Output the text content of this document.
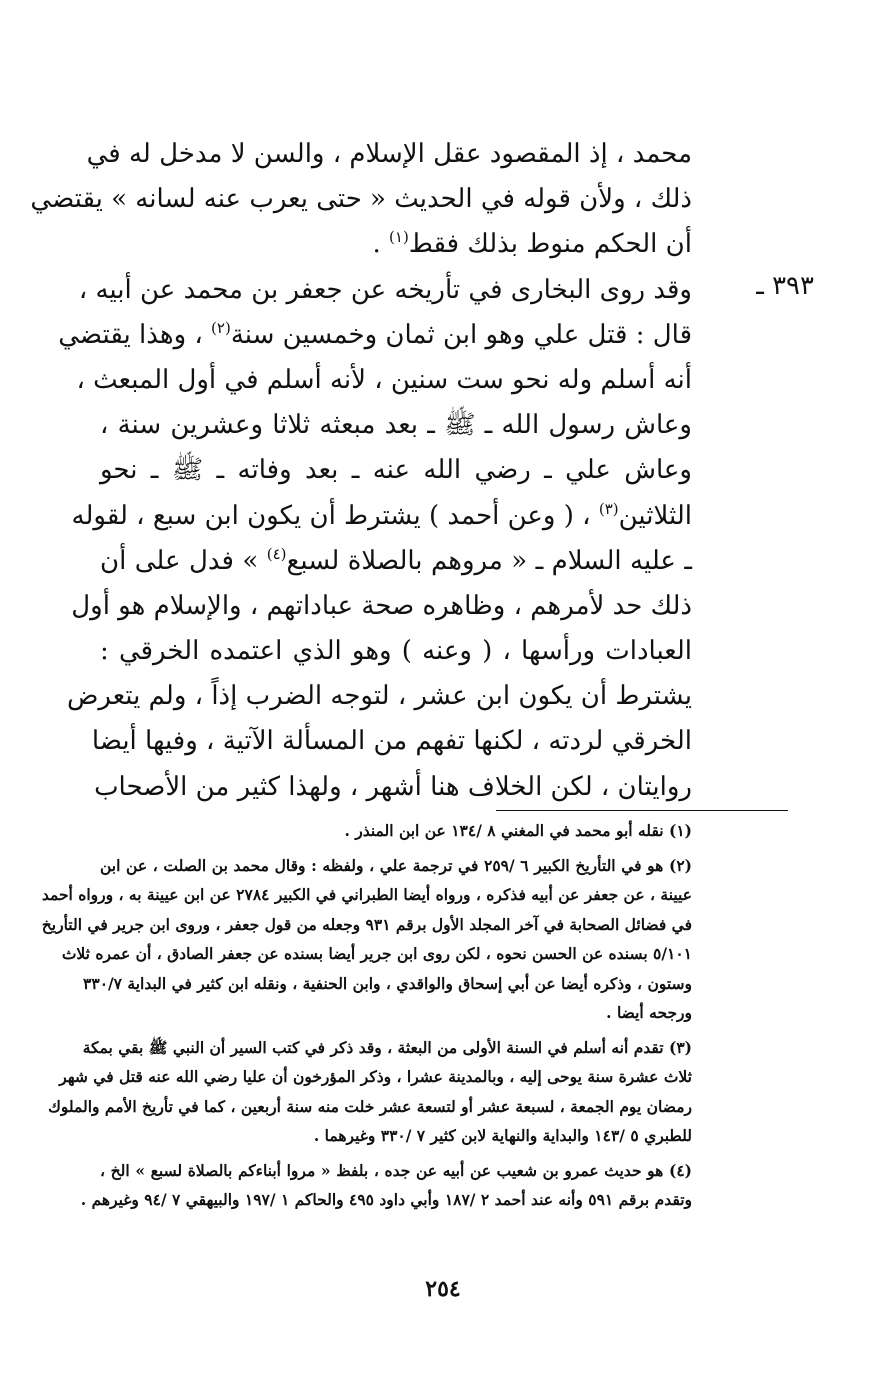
٣٩٣ ـ
محمد ، إذ المقصود عقل الإسلام ، والسن لا مدخل له في
ذلك ، ولأن قوله في الحديث « حتى يعرب عنه لسانه » يقتضي
أن الحكم منوط بذلك فقط$^{(١)}$ .
وقد روى البخارى في تأريخه عن جعفر بن محمد عن أبيه ،
قال : قتل علي وهو ابن ثمان وخمسين سنة$^{(٢)}$ ، وهذا يقتضي
أنه أسلم وله نحو ست سنين ، لأنه أسلم في أول المبعث ،
وعاش رسول الله ـ ﷺ ـ بعد مبعثه ثلاثا وعشرين سنة ،
وعاش علي ـ رضي الله عنه ـ بعد وفاته ـ ﷺ ـ نحو
الثلاثين$^{(٣)}$ ، ( وعن أحمد ) يشترط أن يكون ابن سبع ، لقوله
ـ عليه السلام ـ « مروهم بالصلاة لسبع$^{(٤)}$ » فدل على أن
ذلك حد لأمرهم ، وظاهره صحة عباداتهم ، والإسلام هو أول
العبادات ورأسها ، ( وعنه ) وهو الذي اعتمده الخرقي :
يشترط أن يكون ابن عشر ، لتوجه الضرب إذاً ، ولم يتعرض
الخرقي لردته ، لكنها تفهم من المسألة الآتية ، وفيها أيضا
روايتان ، لكن الخلاف هنا أشهر ، ولهذا كثير من الأصحاب
(١) نقله أبو محمد في المغني ٨ /١٣٤ عن ابن المنذر .
(٢) هو في التأريخ الكبير ٦ /٢٥٩ في ترجمة علي ، ولفظه : وقال محمد بن الصلت ، عن ابن
عيينة ، عن جعفر عن أبيه فذكره ، ورواه أيضا الطبراني في الكبير ٢٧٨٤ عن ابن عيينة به ، ورواه أحمد
في فضائل الصحابة في آخر المجلد الأول برقم ٩٣١ وجعله من قول جعفر ، وروى ابن جرير في التأريخ
٥/١٠١ بسنده عن الحسن نحوه ، لكن روى ابن جرير أيضا بسنده عن جعفر الصادق ، أن عمره ثلاث
وستون ، وذكره أيضا عن أبي إسحاق والواقدي ، وابن الحنفية ، ونقله ابن كثير في البداية ٣٣٠/٧
ورجحه أيضا .
(٣) تقدم أنه أسلم في السنة الأولى من البعثة ، وقد ذكر في كتب السير أن النبي ﷺ بقي بمكة
ثلاث عشرة سنة يوحى إليه ، وبالمدينة عشرا ، وذكر المؤرخون أن عليا رضي الله عنه قتل في شهر
رمضان يوم الجمعة ، لسبعة عشر أو لتسعة عشر خلت منه سنة أربعين ، كما في تأريخ الأمم والملوك
للطبري ٥ /١٤٣ والبداية والنهاية لابن كثير ٧ /٣٣٠ وغيرهما .
(٤) هو حديث عمرو بن شعيب عن أبيه عن جده ، بلفظ « مروا أبناءكم بالصلاة لسبع » الخ ،
وتقدم برقم ٥٩١ وأنه عند أحمد ٢ /١٨٧ وأبي داود ٤٩٥ والحاكم ١ /١٩٧ والبيهقي ٧ /٩٤ وغيرهم .
٢٥٤
